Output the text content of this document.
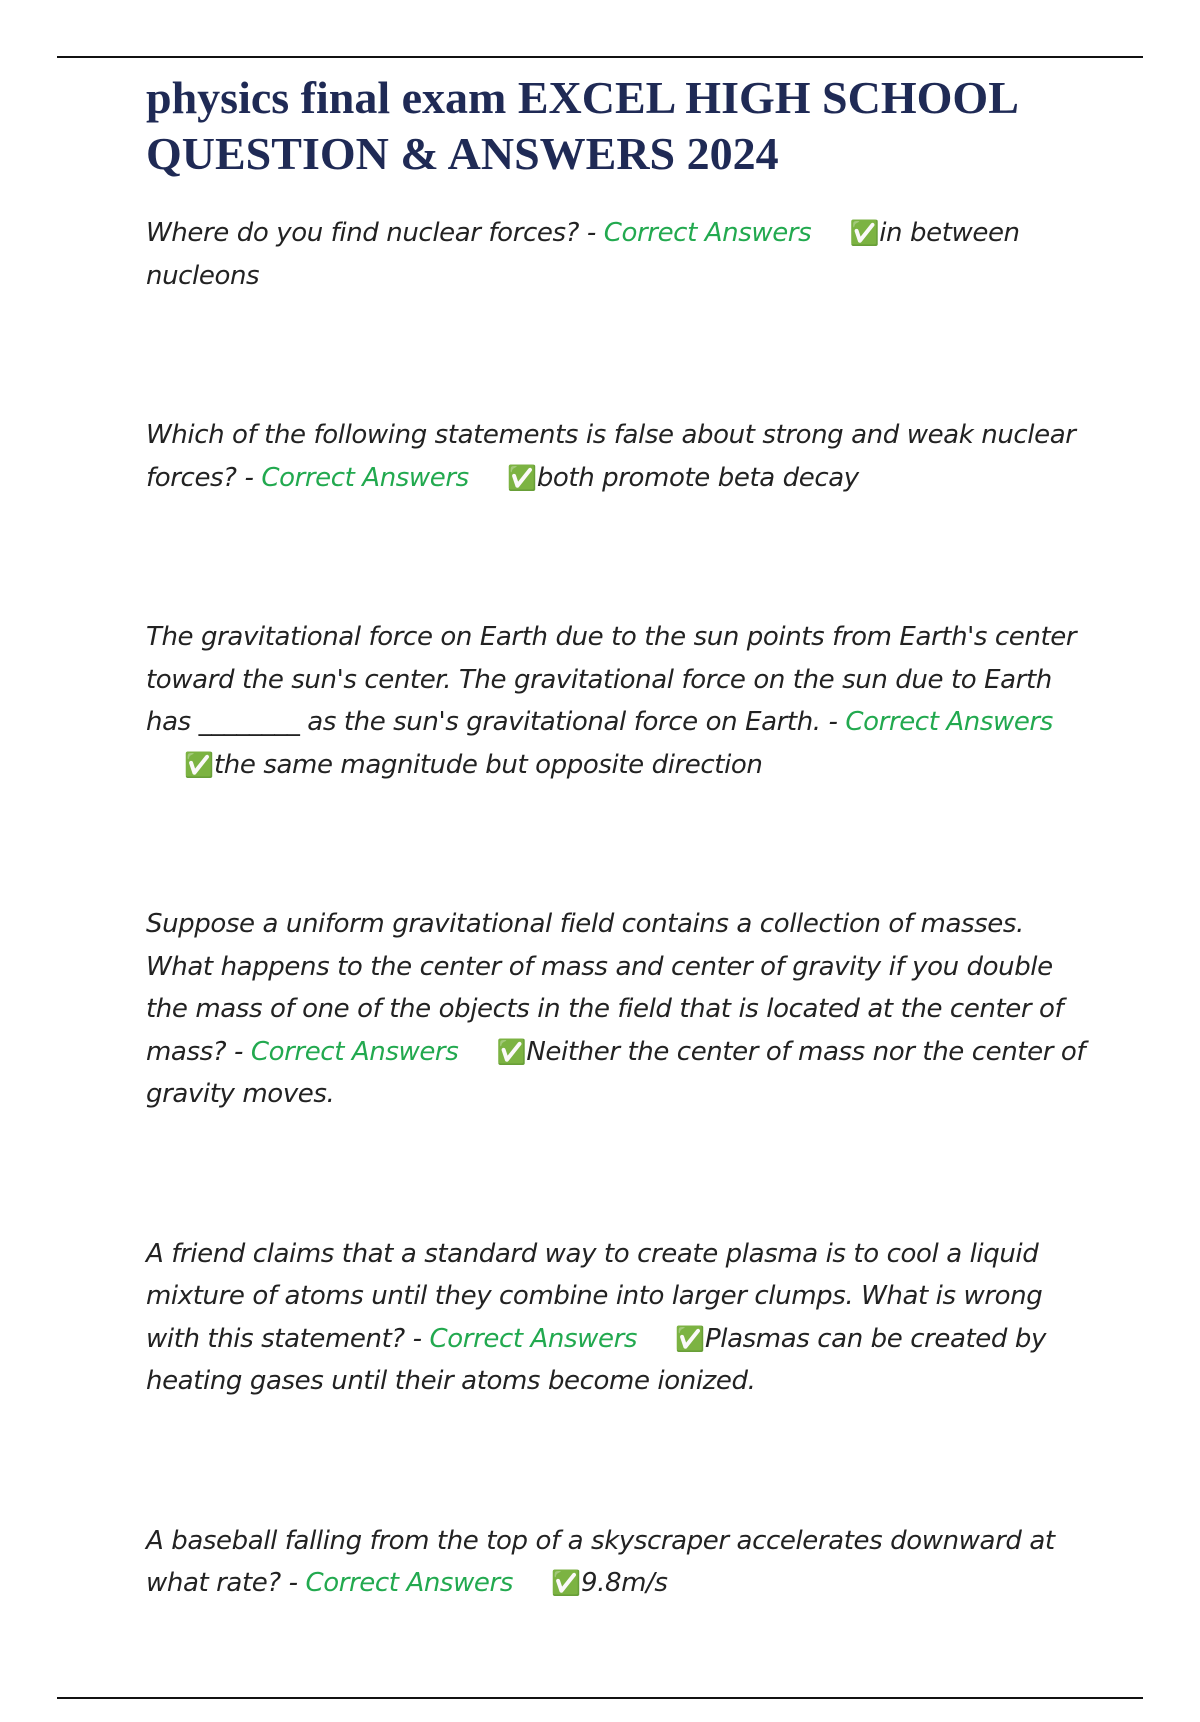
physics final exam EXCEL HIGH SCHOOL QUESTION & ANSWERS 2024

Where do you find nuclear forces? - Correct Answers ✅in between nucleons

Which of the following statements is false about strong and weak nuclear forces? - Correct Answers ✅both promote beta decay

The gravitational force on Earth due to the sun points from Earth's center toward the sun's center. The gravitational force on the sun due to Earth has ________ as the sun's gravitational force on Earth. - Correct Answers✅the same magnitude but opposite direction

Suppose a uniform gravitational field contains a collection of masses. What happens to the center of mass and center of gravity if you double the mass of one of the objects in the field that is located at the center of mass? - Correct Answers ✅Neither the center of mass nor the center of gravity moves.

A friend claims that a standard way to create plasma is to cool a liquid mixture of atoms until they combine into larger clumps. What is wrong with this statement? - Correct Answers ✅Plasmas can be created by heating gases until their atoms become ionized.

A baseball falling from the top of a skyscraper accelerates downward at what rate? - Correct Answers ✅9.8m/s
